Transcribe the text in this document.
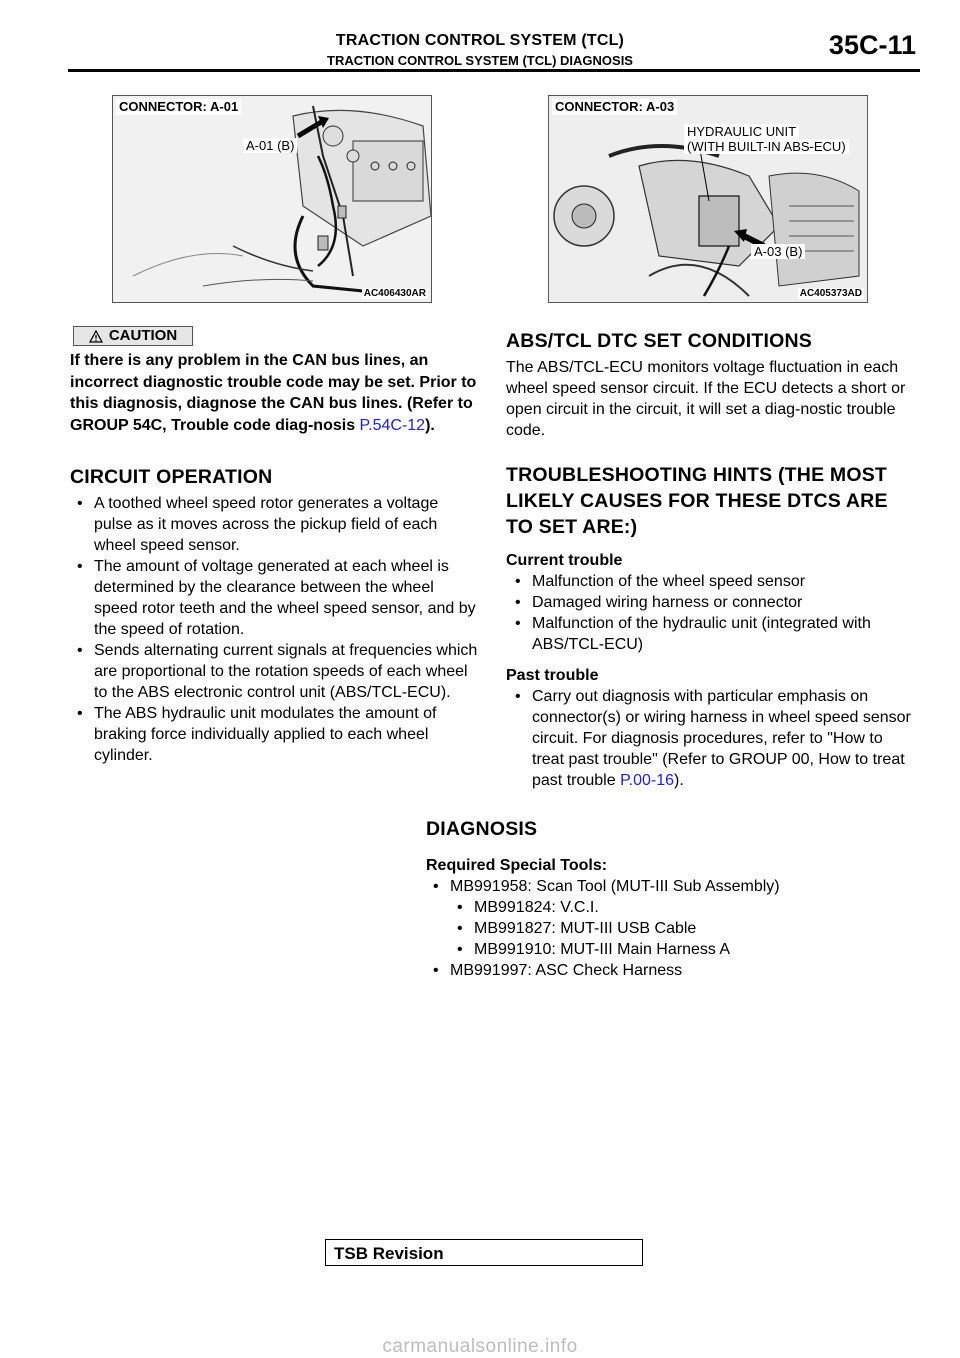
TRACTION CONTROL SYSTEM (TCL)
TRACTION CONTROL SYSTEM (TCL) DIAGNOSIS
35C-11
CONNECTOR: A-01
A-01 (B)
AC406430AR
CONNECTOR: A-03
HYDRAULIC UNIT
(WITH BUILT-IN ABS-ECU)
A-03 (B)
AC405373AD
CAUTION
If there is any problem in the CAN bus lines, an incorrect diagnostic trouble code may be set. Prior to this diagnosis, diagnose the CAN bus lines. (Refer to GROUP 54C, Trouble code diag-nosis P.54C-12).
CIRCUIT OPERATION
• A toothed wheel speed rotor generates a voltage pulse as it moves across the pickup field of each wheel speed sensor.
• The amount of voltage generated at each wheel is determined by the clearance between the wheel speed rotor teeth and the wheel speed sensor, and by the speed of rotation.
• Sends alternating current signals at frequencies which are proportional to the rotation speeds of each wheel to the ABS electronic control unit (ABS/TCL-ECU).
• The ABS hydraulic unit modulates the amount of braking force individually applied to each wheel cylinder.
ABS/TCL DTC SET CONDITIONS
The ABS/TCL-ECU monitors voltage fluctuation in each wheel speed sensor circuit. If the ECU detects a short or open circuit in the circuit, it will set a diag-nostic trouble code.
TROUBLESHOOTING HINTS (THE MOST LIKELY CAUSES FOR THESE DTCS ARE TO SET ARE:)
Current trouble
• Malfunction of the wheel speed sensor
• Damaged wiring harness or connector
• Malfunction of the hydraulic unit (integrated with ABS/TCL-ECU)
Past trouble
• Carry out diagnosis with particular emphasis on connector(s) or wiring harness in wheel speed sensor circuit. For diagnosis procedures, refer to "How to treat past trouble" (Refer to GROUP 00, How to treat past trouble P.00-16).
DIAGNOSIS
Required Special Tools:
• MB991958: Scan Tool (MUT-III Sub Assembly)
• MB991824: V.C.I.
• MB991827: MUT-III USB Cable
• MB991910: MUT-III Main Harness A
• MB991997: ASC Check Harness
TSB Revision
carmanualsonline.info
